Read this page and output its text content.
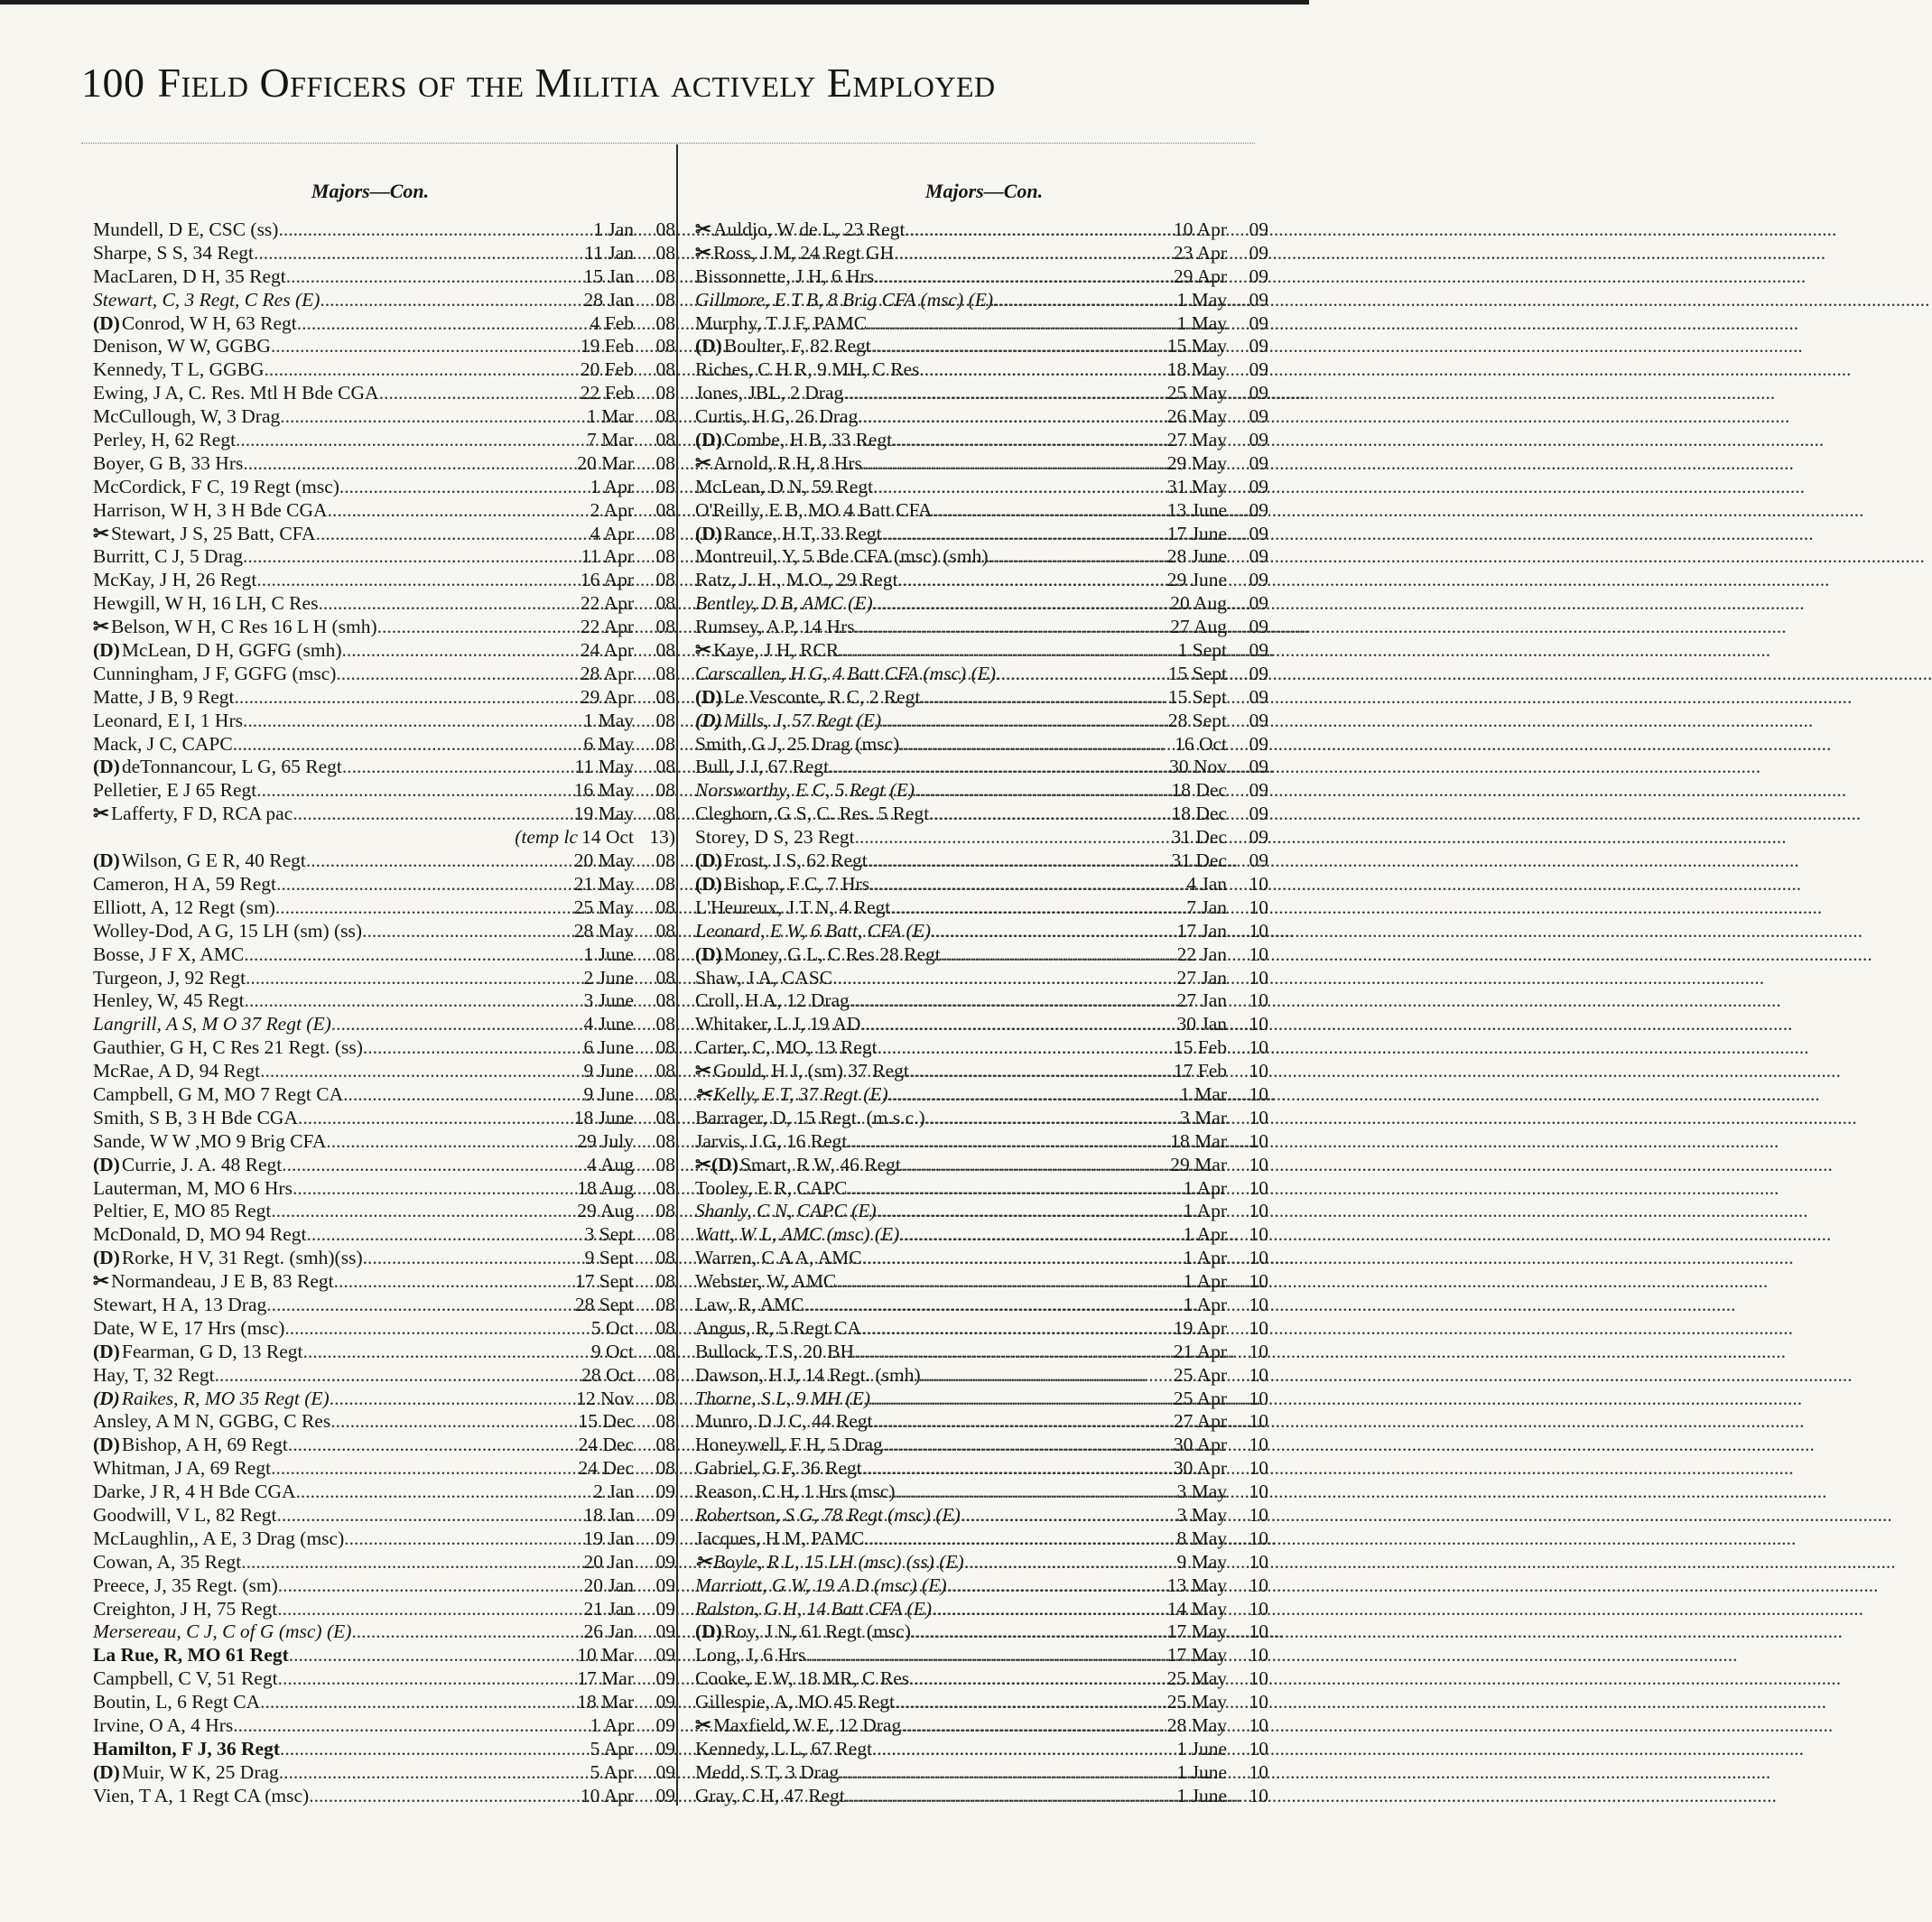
100 Field Officers of the Militia actively Employed
Majors—Con.	Majors—Con.
Mundell, D E, CSC (ss) .....	1 Jan	08
Sharpe, S S, 34 Regt .....	11 Jan	08
MacLaren, D H, 35 Regt .....	15 Jan	08
Stewart, C, 3 Regt, C Res (E) .....	28 Jan	08
(D)Conrod, W H, 63 Regt .....	4 Feb	08
Denison, W W, GGBG .....	19 Feb	08
Kennedy, T L, GGBG .....	20 Feb	08
Ewing, J A, C. Res. Mtl H Bde CGA .....	22 Feb	08
McCullough, W, 3 Drag .....	1 Mar	08
Perley, H, 62 Regt .....	7 Mar	08
Boyer, G B, 33 Hrs .....	20 Mar	08
McCordick, F C, 19 Regt (msc) .....	1 Apr	08
Harrison, W H, 3 H Bde CGA .....	2 Apr	08
✂Stewart, J S, 25 Batt, CFA .....	4 Apr	08
Burritt, C J, 5 Drag .....	11 Apr	08
McKay, J H, 26 Regt .....	16 Apr	08
Hewgill, W H, 16 LH, C Res .....	22 Apr	08
✂Belson, W H, C Res 16 L H (smh) .....	22 Apr	08
(D)McLean, D H, GGFG (smh) .....	24 Apr	08
Cunningham, J F, GGFG (msc) .....	28 Apr	08
Matte, J B, 9 Regt .....	29 Apr	08
Leonard, E I, 1 Hrs .....	1 May	08
Mack, J C, CAPC .....	6 May	08
(D)deTonnancour, L G, 65 Regt .....	11 May	08
Pelletier, E J 65 Regt .....	16 May	08
✂Lafferty, F D, RCA pac .....	19 May	08
(temp lc 14 Oct 13)
(D)Wilson, G E R, 40 Regt .....	20 May	08
Cameron, H A, 59 Regt .....	21 May	08
Elliott, A, 12 Regt (sm) .....	25 May	08
Wolley-Dod, A G, 15 LH (sm) (ss) .....	28 May	08
Bosse, J F X, AMC .....	1 June	08
Turgeon, J, 92 Regt .....	2 June	08
Henley, W, 45 Regt .....	3 June	08
Langrill, A S, M O 37 Regt (E) .....	4 June	08
Gauthier, G H, C Res 21 Regt. (ss) .....	6 June	08
McRae, A D, 94 Regt .....	9 June	08
Campbell, G M, MO 7 Regt CA .....	9 June	08
Smith, S B, 3 H Bde CGA .....	18 June	08
Sande, W W ,MO 9 Brig CFA .....	29 July	08
(D)Currie, J. A. 48 Regt .....	4 Aug	08
Lauterman, M, MO 6 Hrs .....	18 Aug	08
Peltier, E, MO 85 Regt .....	29 Aug	08
McDonald, D, MO 94 Regt .....	3 Sept	08
(D)Rorke, H V, 31 Regt. (smh)(ss) .....	9 Sept	08
✂Normandeau, J E B, 83 Regt .....	17 Sept	08
Stewart, H A, 13 Drag .....	28 Sept	08
Date, W E, 17 Hrs (msc) .....	5 Oct	08
(D)Fearman, G D, 13 Regt .....	9 Oct	08
Hay, T, 32 Regt .....	28 Oct	08
(D)Raikes, R, MO 35 Regt (E) .....	12 Nov	08
Ansley, A M N, GGBG, C Res .....	15 Dec	08
(D)Bishop, A H, 69 Regt .....	24 Dec	08
Whitman, J A, 69 Regt .....	24 Dec	08
Darke, J R, 4 H Bde CGA .....	2 Jan	09
Goodwill, V L, 82 Regt .....	18 Jan	09
McLaughlin,, A E, 3 Drag (msc) .....	19 Jan	09
Cowan, A, 35 Regt .....	20 Jan	09
Preece, J, 35 Regt. (sm) .....	20 Jan	09
Creighton, J H, 75 Regt .....	21 Jan	09
Mersereau, C J, C of G (msc) (E) .....	26 Jan	09
La Rue, R, MO 61 Regt .....	10 Mar	09
Campbell, C V, 51 Regt .....	17 Mar	09
Boutin, L, 6 Regt CA .....	18 Mar	09
Irvine, O A, 4 Hrs .....	1 Apr	09
Hamilton, F J, 36 Regt .....	5 Apr	09
(D)Muir, W K, 25 Drag .....	5 Apr	09
Vien, T A, 1 Regt CA (msc) .....	10 Apr	09
✂Auldjo, W de L, 23 Regt .....	10 Apr	09
✂Ross, J M, 24 Regt GH .....	23 Apr	09
Bissonnette, J H, 6 Hrs .....	29 Apr	09
Gillmore, E T B, 8 Brig CFA (msc) (E). .....	1 May	09
Murphy, T J F, PAMC .....	1 May	09
(D)Boulter, F, 82 Regt .....	15 May	09
Riches, C H R, 9 MH, C Res .....	18 May	09
Jones, JBL, 2 Drag .....	25 May	09
Curtis, H G, 26 Drag .....	26 May	09
(D)Combe, H B, 33 Regt .....	27 May	09
✂Arnold, R H, 8 Hrs .....	29 May	09
McLean, D N, 59 Regt .....	31 May	09
O'Reilly, E B, MO 4 Batt CFA .....	13 June	09
(D)Rance, H T, 33 Regt .....	17 June	09
Montreuil, Y, 5 Bde CFA (msc) (smh). .....	28 June	09
Ratz, J. H., M.O., 29 Regt .....	29 June	09
Bentley, D B, AMC (E) .....	20 Aug	09
Rumsey, A P, 14 Hrs .....	27 Aug	09
✂Kaye, J H, RCR .....	1 Sept	09
Carscallen, H G, 4 Batt CFA (msc) (E). .....	15 Sept	09
(D)Le Vesconte, R C, 2 Regt .....	15 Sept	09
(D)Mills, J, 57 Regt (E) .....	28 Sept	09
Smith, G J, 25 Drag (msc) .....	16 Oct	09
Bull, J J, 67 Regt .....	30 Nov	09
Norsworthy, E C, 5 Regt (E) .....	18 Dec	09
Cleghorn, G S, C. Res. 5 Regt .....	18 Dec	09
Storey, D S, 23 Regt .....	31 Dec	09
(D)Frost, J S, 62 Regt .....	31 Dec	09
(D)Bishop, F C, 7 Hrs .....	4 Jan	10
L'Heureux, J T N, 4 Regt .....	7 Jan	10
Leonard, E W, 6 Batt, CFA (E) .....	17 Jan	10
(D)Money, G L, C Res 28 Regt .....	22 Jan	10
Shaw, J A, CASC .....	27 Jan	10
Croll, H A, 12 Drag .....	27 Jan	10
Whitaker, L J, 19 AD .....	30 Jan	10
Carter, C, MO, 13 Regt .....	15 Feb	10
✂Gould, H J, (sm) 37 Regt .....	17 Feb	10
✂Kelly, E T, 37 Regt (E) .....	1 Mar	10
Barrager, D, 15 Regt. (m.s.c.) .....	3 Mar	10
Jarvis, J G, 16 Regt .....	18 Mar	10
✂(D)Smart, R W, 46 Regt .....	29 Mar	10
Tooley, E R, CAPC .....	1 Apr	10
Shanly, C N, CAPC (E) .....	1 Apr	10
Watt, W L, AMC (msc) (E) .....	1 Apr	10
Warren, C A A, AMC .....	1 Apr	10
Webster, W, AMC .....	1 Apr	10
Law, R, AMC .....	1 Apr	10
Angus, R, 5 Regt CA .....	19 Apr	10
Bullock, T S, 20 BH .....	21 Apr	10
Dawson, H J, 14 Regt. (smh) .....	25 Apr	10
Thorne, S L, 9 MH (E) .....	25 Apr	10
Munro, D J C, 44 Regt .....	27 Apr	10
Honeywell, F H, 5 Drag .....	30 Apr	10
Gabriel, G F, 36 Regt .....	30 Apr	10
Reason, C H, 1 Hrs (msc) .....	3 May	10
Robertson, S G, 78 Regt (msc) (E) .....	3 May	10
Jacques, H M, PAMC .....	8 May	10
✂Boyle, R L, 15 LH (msc) (ss) (E) .....	9 May	10
Marriott, G W, 19 A D (msc) (E) .....	13 May	10
Ralston, G H, 14 Batt CFA (E) .....	14 May	10
(D)Roy, J N, 61 Regt (msc) .....	17 May	10
Long, J, 6 Hrs .....	17 May	10
Cooke, E W, 18 MR, C Res .....	25 May	10
Gillespie, A, MO 45 Regt .....	25 May	10
✂Maxfield, W E, 12 Drag .....	28 May	10
Kennedy, L L, 67 Regt .....	1 June	10
Medd, S T, 3 Drag .....	1 June	10
Gray, C H, 47 Regt .....	1 June	10
